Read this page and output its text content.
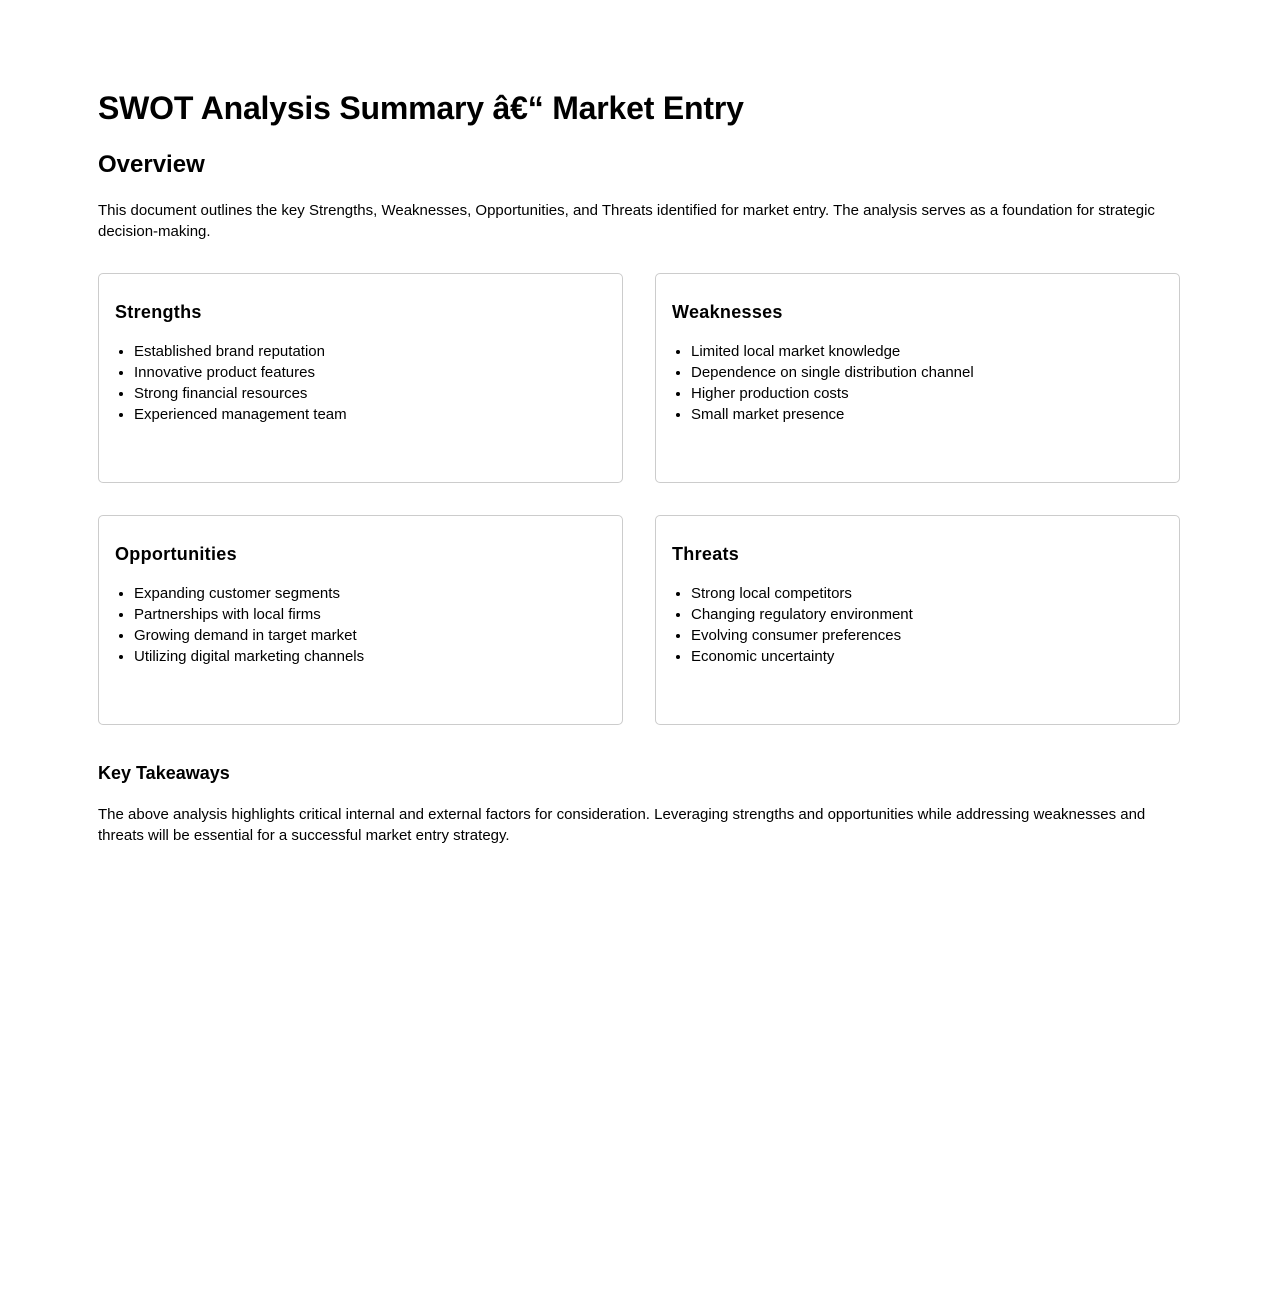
SWOT Analysis Summary â€“ Market Entry
Overview

This document outlines the key Strengths, Weaknesses, Opportunities, and Threats identified for market entry. The analysis serves as a foundation for strategic decision-making.

Strengths
• Established brand reputation
• Innovative product features
• Strong financial resources
• Experienced management team
Weaknesses
• Limited local market knowledge
• Dependence on single distribution channel
• Higher production costs
• Small market presence
Opportunities
• Expanding customer segments
• Partnerships with local firms
• Growing demand in target market
• Utilizing digital marketing channels
Threats
• Strong local competitors
• Changing regulatory environment
• Evolving consumer preferences
• Economic uncertainty
Key Takeaways

The above analysis highlights critical internal and external factors for consideration. Leveraging strengths and opportunities while addressing weaknesses and threats will be essential for a successful market entry strategy.
